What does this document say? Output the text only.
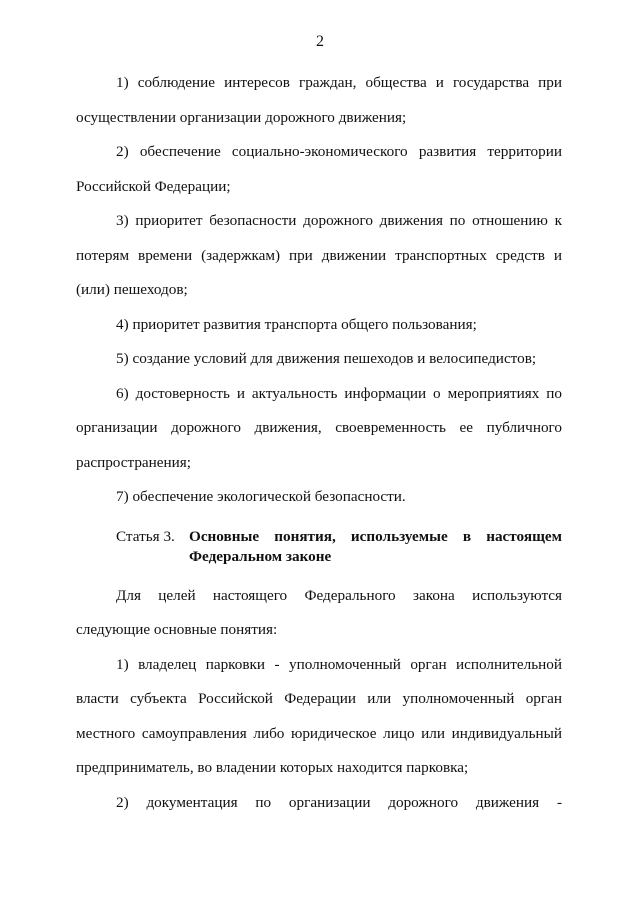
2

1) соблюдение интересов граждан, общества и государства при осуществлении организации дорожного движения;

2) обеспечение социально-экономического развития территории Российской Федерации;

3) приоритет безопасности дорожного движения по отношению к потерям времени (задержкам) при движении транспортных средств и (или) пешеходов;

4) приоритет развития транспорта общего пользования;

5) создание условий для движения пешеходов и велосипедистов;

6) достоверность и актуальность информации о мероприятиях по организации дорожного движения, своевременность ее публичного распространения;

7) обеспечение экологической безопасности.

Статья 3. Основные понятия, используемые в настоящем
Федеральном законе

Для целей настоящего Федерального закона используются следующие основные понятия:

1) владелец парковки - уполномоченный орган исполнительной власти субъекта Российской Федерации или уполномоченный орган местного самоуправления либо юридическое лицо или индивидуальный предприниматель, во владении которых находится парковка;

2) документация по организации дорожного движения -
